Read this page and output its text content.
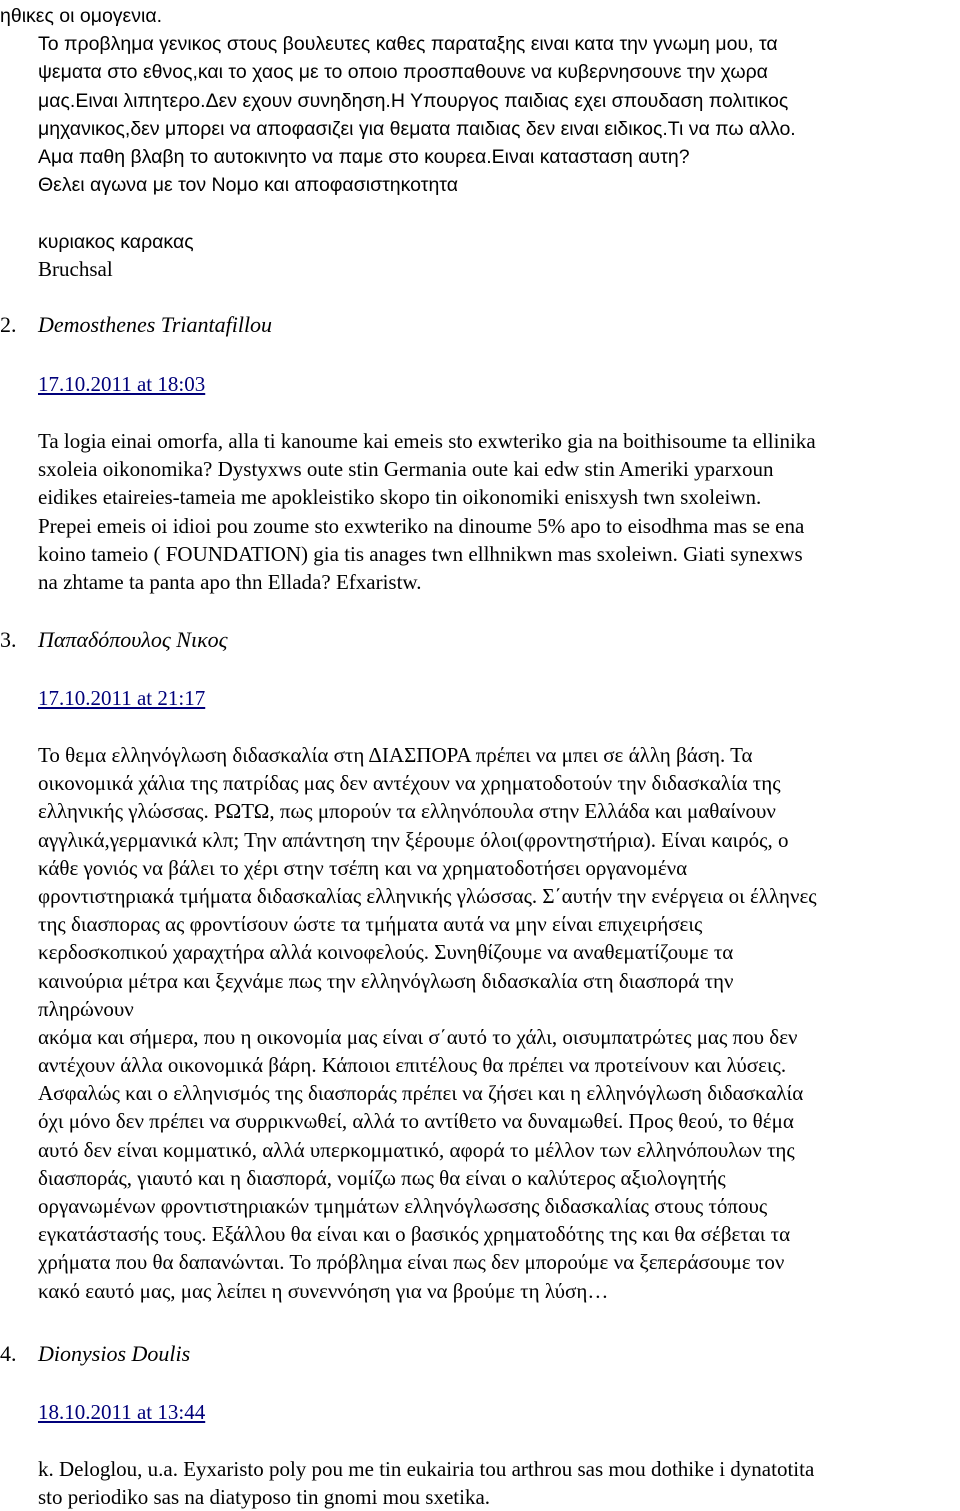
ηθικες οι ομογενια.
Το προβλημα γενικος στους βουλευτες καθες παραταξης ειναι κατα την γνωμη μου, τα
ψεματα στο εθνος,και το χαος με το οποιο προσπαθουνε να κυβερνησουνε την χωρα
μας.Ειναι λιπητερο.Δεν εχουν συνηδηση.Η Υπουργος παιδιας εχει σπουδαση πολιτικος
μηχανικος,δεν μπορει να αποφασιζει για θεματα παιδιας δεν ειναι ειδικος.Τι να πω αλλο.
Αμα παθη βλαβη το αυτοκινητο να παμε στο κουρεα.Ειναι κατασταση αυτη?
Θελει αγωνα με τον Νομο και αποφασιστηκοτητα
κυριακος καρακας
Bruchsal
2. Demosthenes Triantafillou
17.10.2011 at 18:03
Ta logia einai omorfa, alla ti kanoume kai emeis sto exwteriko gia na boithisoume ta ellinika
sxoleia oikonomika? Dystyxws oute stin Germania oute kai edw stin Ameriki yparxoun
eidikes etaireies-tameia me apokleistiko skopo tin oikonomiki enisxysh twn sxoleiwn.
Prepei emeis oi idioi pou zoume sto exwteriko na dinoume 5% apo to eisodhma mas se ena
koino tameio ( FOUNDATION) gia tis anages twn ellhnikwn mas sxoleiwn. Giati synexws
na zhtame ta panta apo thn Ellada? Efxaristw.
3. Παπαδόπουλος Νικος
17.10.2011 at 21:17
Το θεμα ελληνόγλωση διδασκαλία στη ΔΙΑΣΠΟΡΑ πρέπει να μπει σε άλλη βάση. Τα
οικονομικά χάλια της πατρίδας μας δεν αντέχουν να χρηματοδοτούν την διδασκαλία της
ελληνικής γλώσσας. ΡΩΤΩ, πως μπορούν τα ελληνόπουλα στην Ελλάδα και μαθαίνουν
αγγλικά,γερμανικά κλπ; Την απάντηση την ξέρουμε όλοι(φροντηστήρια). Είναι καιρός, ο
κάθε γονιός να βάλει το χέρι στην τσέπη και να χρηματοδοτήσει οργανομένα
φροντιστηριακά τμήματα διδασκαλίας ελληνικής γλώσσας. Σ΄αυτήν την ενέργεια οι έλληνες
της διασπορας ας φροντίσουν ώστε τα τμήματα αυτά να μην είναι επιχειρήσεις
κερδοσκοπικού χαραχτήρα αλλά κοινοφελούς. Συνηθίζουμε να αναθεματίζουμε τα
καινούρια μέτρα και ξεχνάμε πως την ελληνόγλωση διδασκαλία στη διασπορά την
πληρώνουν
ακόμα και σήμερα, που η οικονομία μας είναι σ΄αυτό το χάλι, οισυμπατρώτες μας που δεν
αντέχουν άλλα οικονομικά βάρη. Κάποιοι επιτέλους θα πρέπει να προτείνουν και λύσεις.
Ασφαλώς και ο ελληνισμός της διασποράς πρέπει να ζήσει και η ελληνόγλωση διδασκαλία
όχι μόνο δεν πρέπει να συρρικνωθεί, αλλά το αντίθετο να δυναμωθεί. Προς θεού, το θέμα
αυτό δεν είναι κομματικό, αλλά υπερκομματικό, αφορά το μέλλον των ελληνόπουλων της
διασποράς, γιαυτό και η διασπορά, νομίζω πως θα είναι ο καλύτερος αξιολογητής
οργανωμένων φροντιστηριακών τμημάτων ελληνόγλωσσης διδασκαλίας στους τόπους
εγκατάστασής τους. Εξάλλου θα είναι και ο βασικός χρηματοδότης της και θα σέβεται τα
χρήματα που θα δαπανώνται. Το πρόβλημα είναι πως δεν μπορούμε να ξεπεράσουμε τον
κακό εαυτό μας, μας λείπει η συνεννόηση για να βρούμε τη λύση…
4. Dionysios Doulis
18.10.2011 at 13:44
k. Deloglou, u.a. Eyxaristo poly pou me tin eukairia tou arthrou sas mou dothike i dynatotita
sto periodiko sas na diatyposo tin gnomi mou sxetika.
